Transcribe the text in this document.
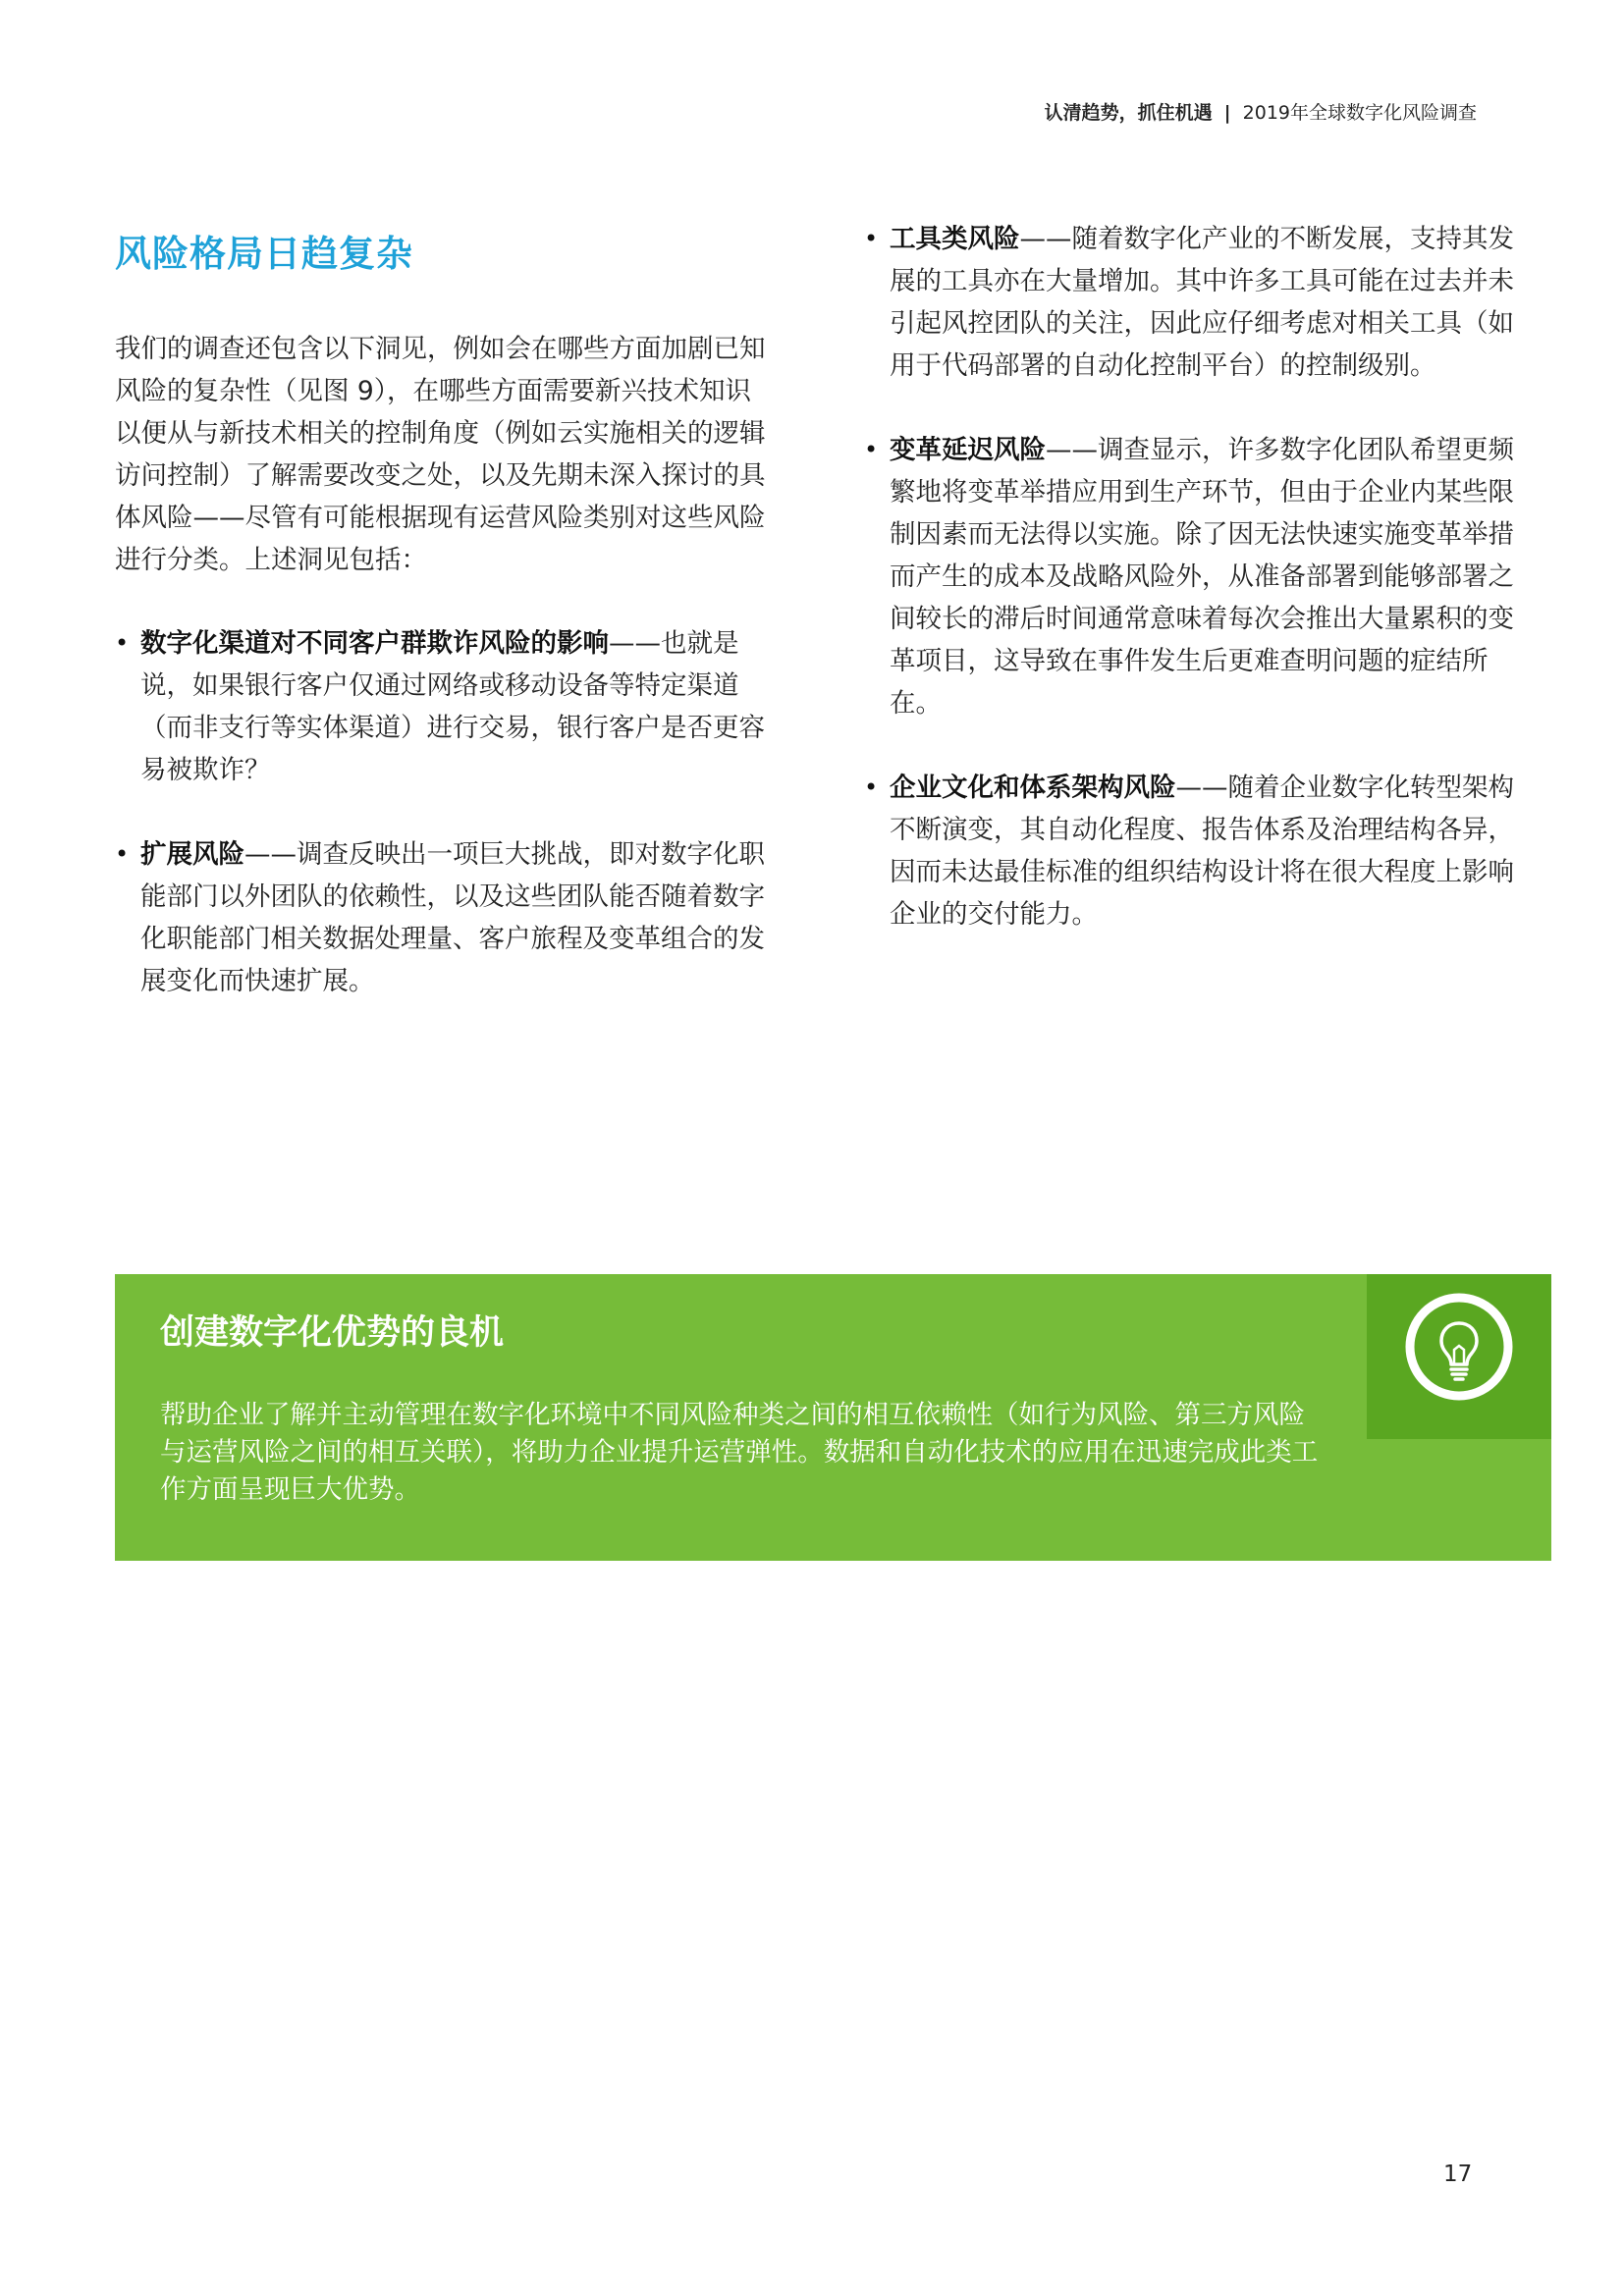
认清趋势，抓住机遇 | 2019年全球数字化风险调查
风险格局日趋复杂

我们的调查还包含以下洞见，例如会在哪些方面加剧已知风险的复杂性（见图 9），在哪些方面需要新兴技术知识以便从与新技术相关的控制角度（例如云实施相关的逻辑访问控制）了解需要改变之处，以及先期未深入探讨的具体风险——尽管有可能根据现有运营风险类别对这些风险进行分类。上述洞见包括：

• 数字化渠道对不同客户群欺诈风险的影响——也就是说，如果银行客户仅通过网络或移动设备等特定渠道（而非支行等实体渠道）进行交易，银行客户是否更容易被欺诈？
• 扩展风险——调查反映出一项巨大挑战，即对数字化职能部门以外团队的依赖性，以及这些团队能否随着数字化职能部门相关数据处理量、客户旅程及变革组合的发展变化而快速扩展。
• 工具类风险——随着数字化产业的不断发展，支持其发展的工具亦在大量增加。其中许多工具可能在过去并未引起风控团队的关注，因此应仔细考虑对相关工具（如用于代码部署的自动化控制平台）的控制级别。
• 变革延迟风险——调查显示，许多数字化团队希望更频繁地将变革举措应用到生产环节，但由于企业内某些限制因素而无法得以实施。除了因无法快速实施变革举措而产生的成本及战略风险外，从准备部署到能够部署之间较长的滞后时间通常意味着每次会推出大量累积的变革项目，这导致在事件发生后更难查明问题的症结所在。
• 企业文化和体系架构风险——随着企业数字化转型架构不断演变，其自动化程度、报告体系及治理结构各异，因而未达最佳标准的组织结构设计将在很大程度上影响企业的交付能力。
创建数字化优势的良机
帮助企业了解并主动管理在数字化环境中不同风险种类之间的相互依赖性（如行为风险、第三方风险与运营风险之间的相互关联），将助力企业提升运营弹性。数据和自动化技术的应用在迅速完成此类工作方面呈现巨大优势。
17
